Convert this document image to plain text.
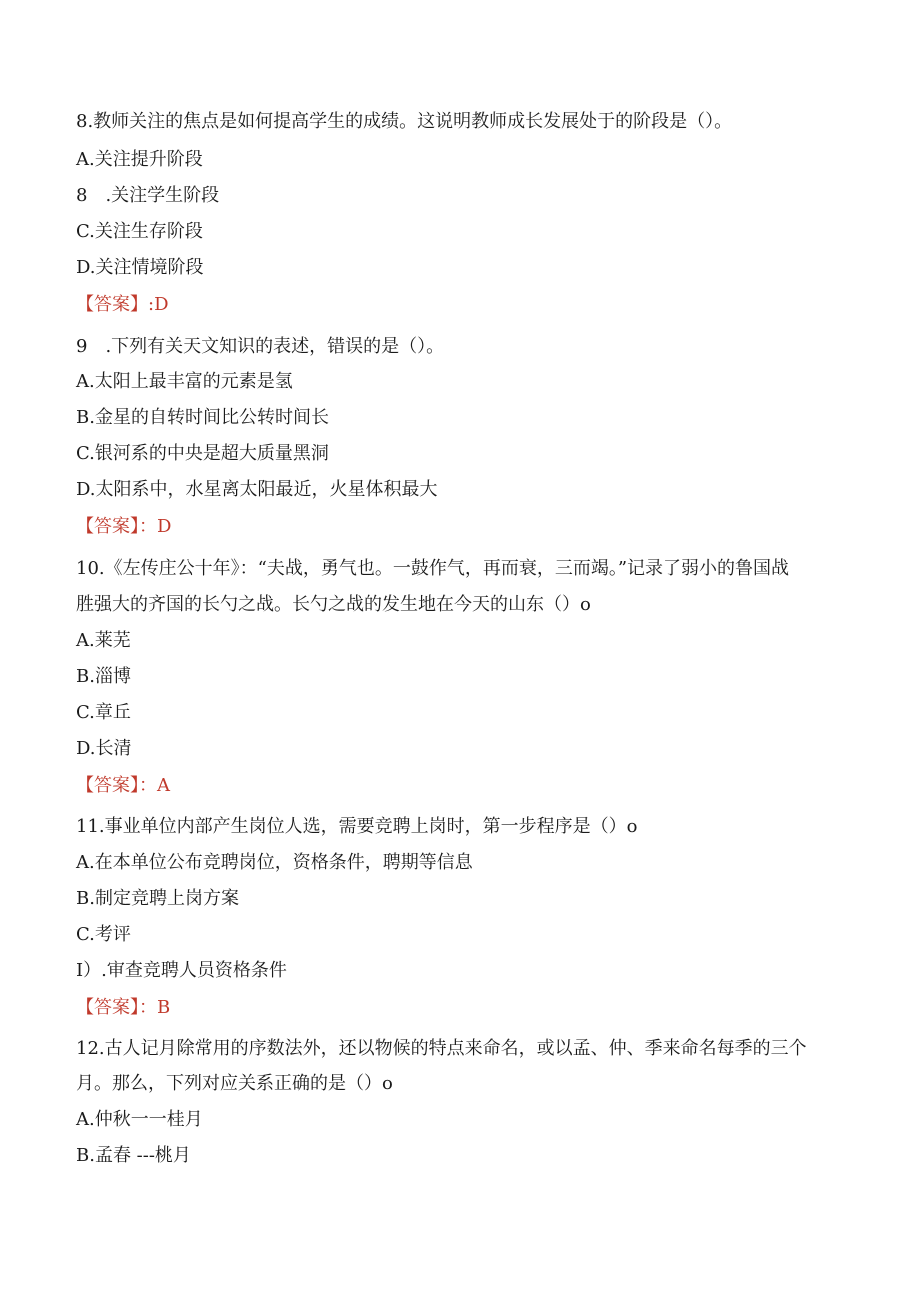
8.教师关注的焦点是如何提高学生的成绩。这说明教师成长发展处于的阶段是（）。
A.关注提升阶段
8　.关注学生阶段
C.关注生存阶段
D.关注情境阶段
【答案】:D
9　.下列有关天文知识的表述，错误的是（）。
A.太阳上最丰富的元素是氢
B.金星的自转时间比公转时间长
C.银河系的中央是超大质量黑洞
D.太阳系中，水星离太阳最近，火星体积最大
【答案】：D
10.《左传庄公十年》：“夫战，勇气也。一鼓作气，再而衰，三而竭。”记录了弱小的鲁国战
胜强大的齐国的长勺之战。长勺之战的发生地在今天的山东（）o
A.莱芜
B.淄博
C.章丘
D.长清
【答案】：A
11.事业单位内部产生岗位人选，需要竞聘上岗时，第一步程序是（）o
A.在本单位公布竞聘岗位，资格条件，聘期等信息
B.制定竞聘上岗方案
C.考评
I）.审查竞聘人员资格条件
【答案】：B
12.古人记月除常用的序数法外，还以物候的特点来命名，或以孟、仲、季来命名每季的三个
月。那么，下列对应关系正确的是（）o
A.仲秋一一桂月
B.孟春 ---桃月
